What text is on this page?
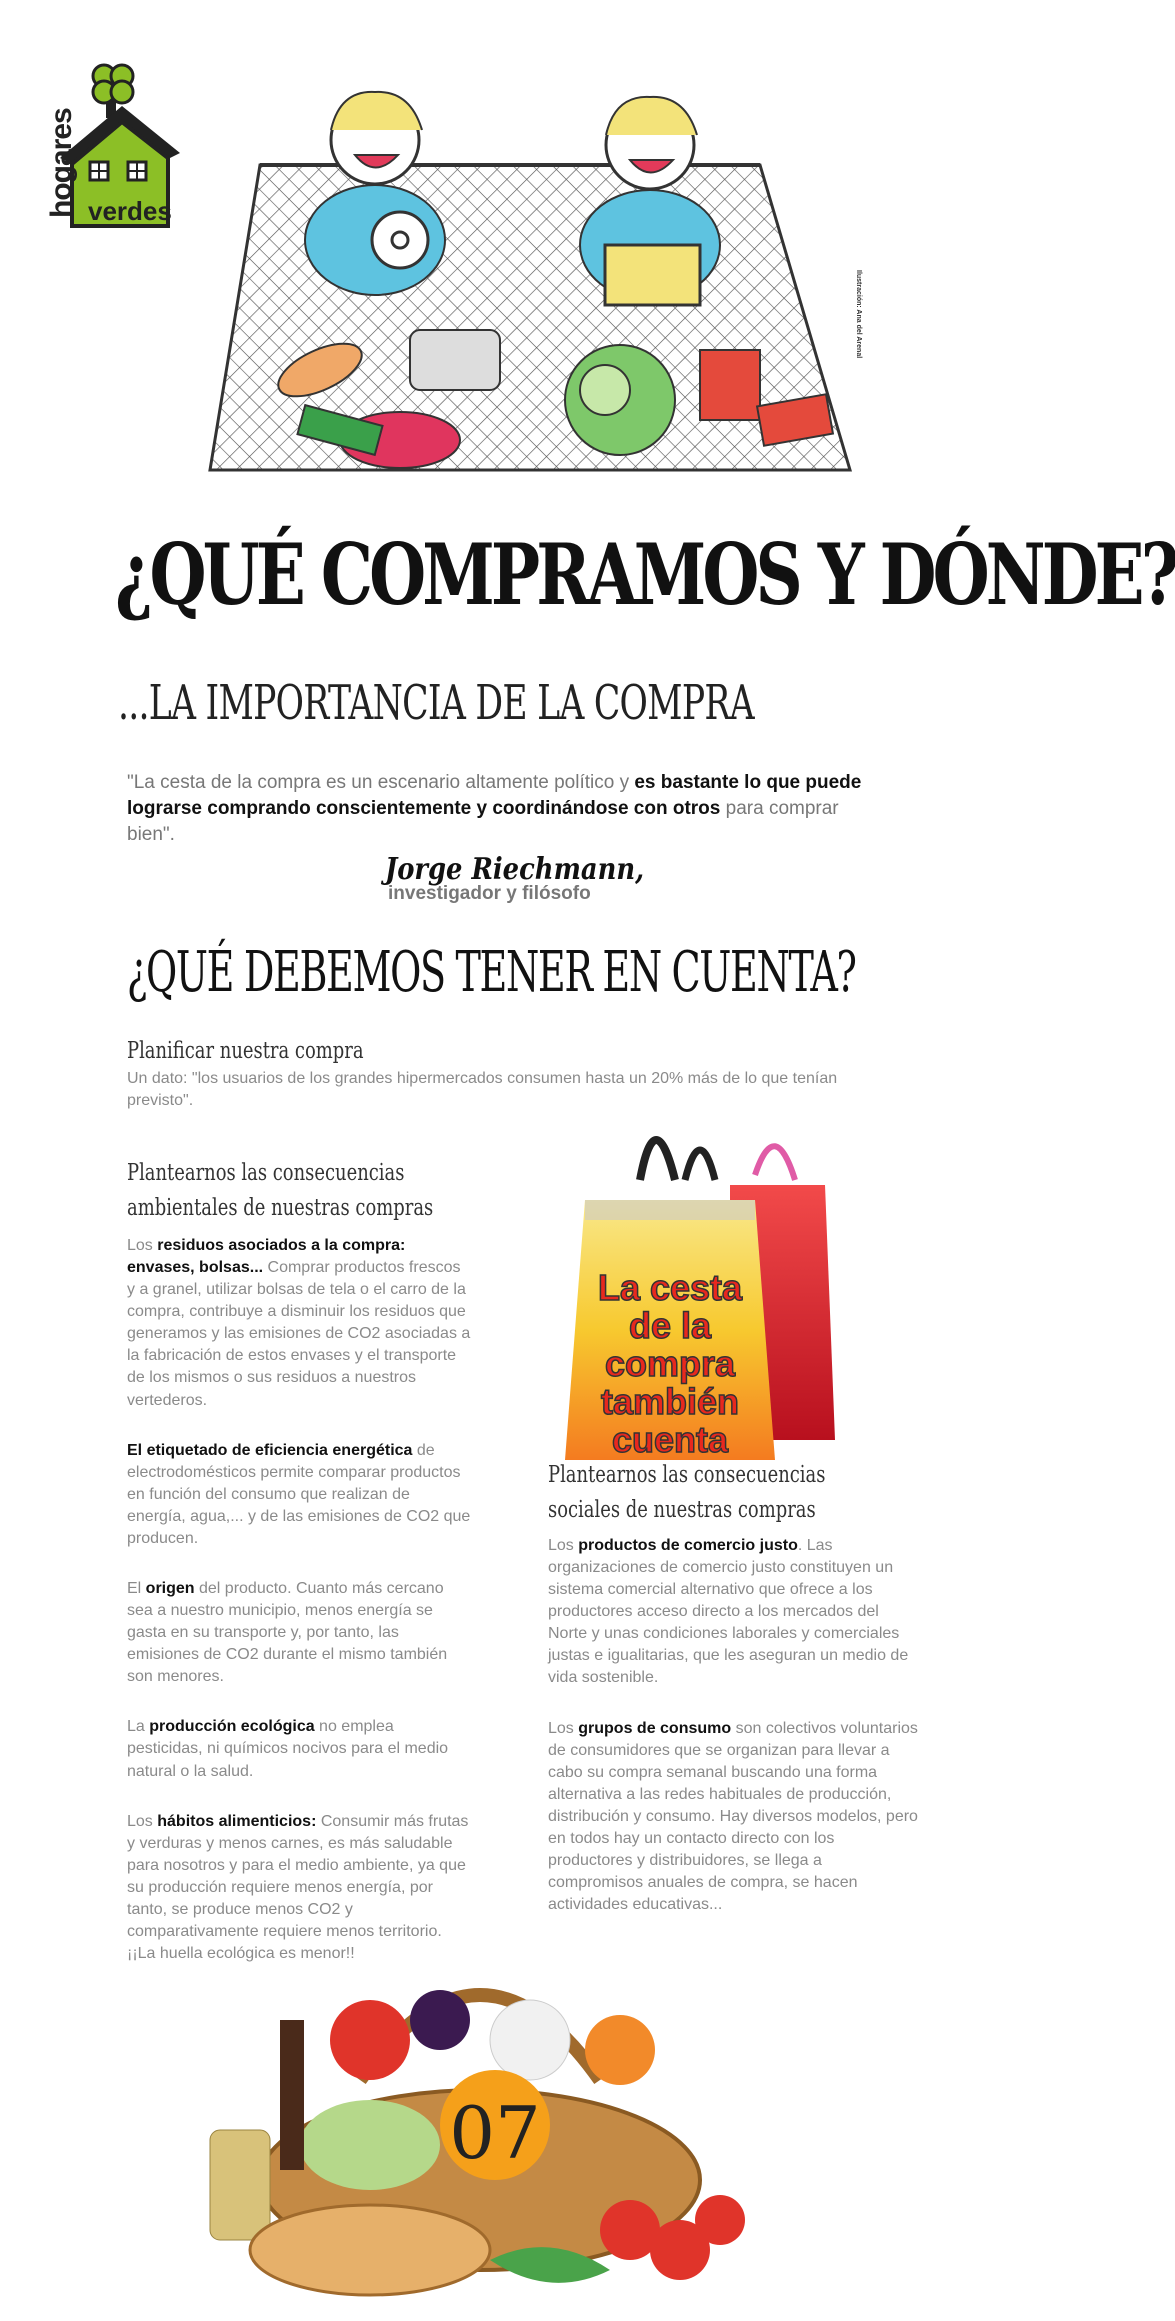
hogares verdes
Ilustración: Ana del Arenal
¿QUÉ COMPRAMOS Y DÓNDE?
...LA IMPORTANCIA DE LA COMPRA
"La cesta de la compra es un escenario altamente político y es bastante lo que puede lograrse comprando conscientemente y coordinándose con otros para comprar bien".
Jorge Riechmann,
investigador y filósofo
¿QUÉ DEBEMOS TENER EN CUENTA?
Planificar nuestra compra
Un dato: "los usuarios de los grandes hipermercados consumen hasta un 20% más de lo que tenían previsto".
Plantearnos las consecuencias
ambientales de nuestras compras

Los residuos asociados a la compra: envases, bolsas... Comprar productos frescos y a granel, utilizar bolsas de tela o el carro de la compra, contribuye a disminuir los residuos que generamos y las emisiones de CO2 asociadas a la fabricación de estos envases y el transporte de los mismos o sus residuos a nuestros vertederos.

El etiquetado de eficiencia energética de electrodomésticos permite comparar productos en función del consumo que realizan de energía, agua,... y de las emisiones de CO2 que producen.

El origen del producto. Cuanto más cercano sea a nuestro municipio, menos energía se gasta en su transporte y, por tanto, las emisiones de CO2 durante el mismo también son menores.

La producción ecológica no emplea pesticidas, ni químicos nocivos para el medio natural o la salud.

Los hábitos alimenticios: Consumir más frutas y verduras y menos carnes, es más saludable para nosotros y para el medio ambiente, ya que su producción requiere menos energía, por tanto, se produce menos CO2 y comparativamente requiere menos territorio. ¡¡La huella ecológica es menor!!

La cesta
de la
compra
también
cuenta
Plantearnos las consecuencias
sociales de nuestras compras

Los productos de comercio justo. Las organizaciones de comercio justo constituyen un sistema comercial alternativo que ofrece a los productores acceso directo a los mercados del Norte y unas condiciones laborales y comerciales justas e igualitarias, que les aseguran un medio de vida sostenible.

Los grupos de consumo son colectivos voluntarios de consumidores que se organizan para llevar a cabo su compra semanal buscando una forma alternativa a las redes habituales de producción, distribución y consumo. Hay diversos modelos, pero en todos hay un contacto directo con los productores y distribuidores, se llega a compromisos anuales de compra, se hacen actividades educativas...

07
